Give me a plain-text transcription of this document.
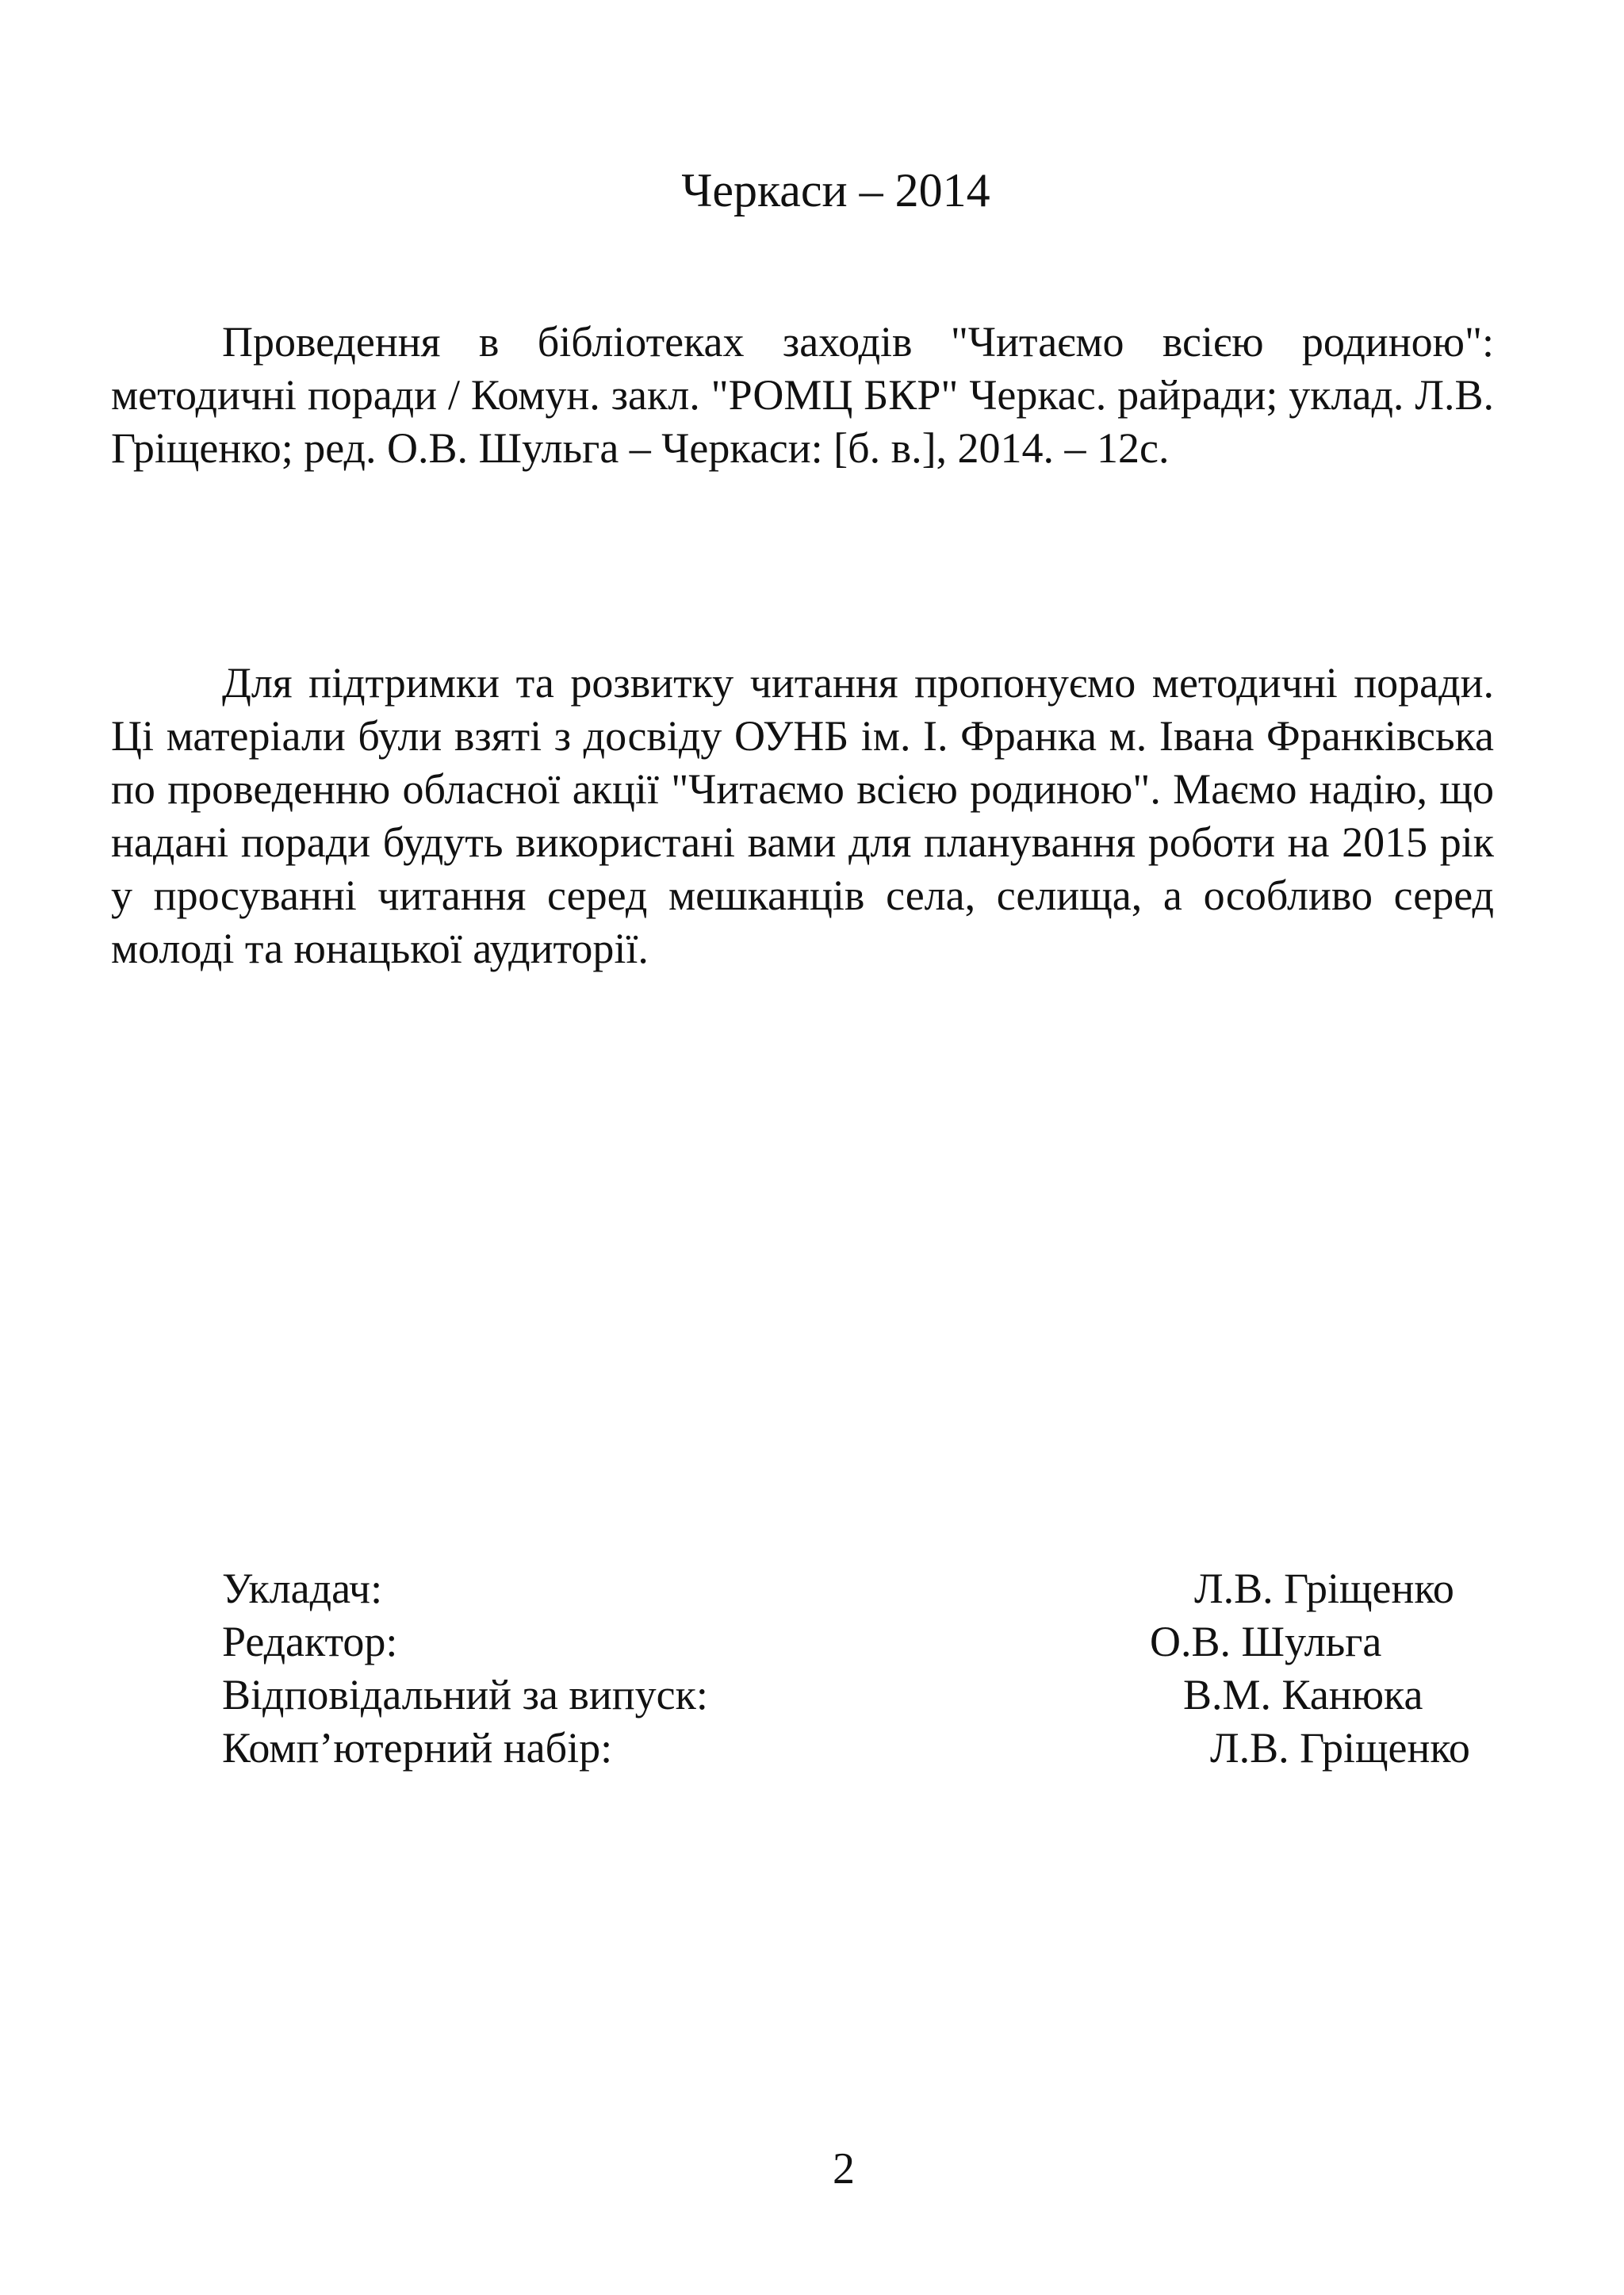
Черкаси – 2014

Проведення в бібліотеках заходів "Читаємо всією родиною": методичні поради / Комун. закл. "РОМЦ БКР" Черкас. райради; уклад. Л.В. Гріщенко; ред. О.В. Шульга – Черкаси: [б. в.], 2014. – 12с.

Для підтримки та розвитку читання пропонуємо методичні поради. Ці матеріали були взяті з досвіду ОУНБ ім. І. Франка м. Івана Франківська по проведенню обласної акції "Читаємо всією родиною". Маємо надію, що надані поради будуть використані вами для планування роботи на 2015 рік у просуванні читання серед мешканців села, селища, а особливо серед молоді та юнацької аудиторії.

Укладач:	Л.В. Гріщенко
Редактор:	О.В. Шульга
Відповідальний за випуск:	В.М. Канюка
Комп’ютерний набір:	Л.В. Гріщенко
2
